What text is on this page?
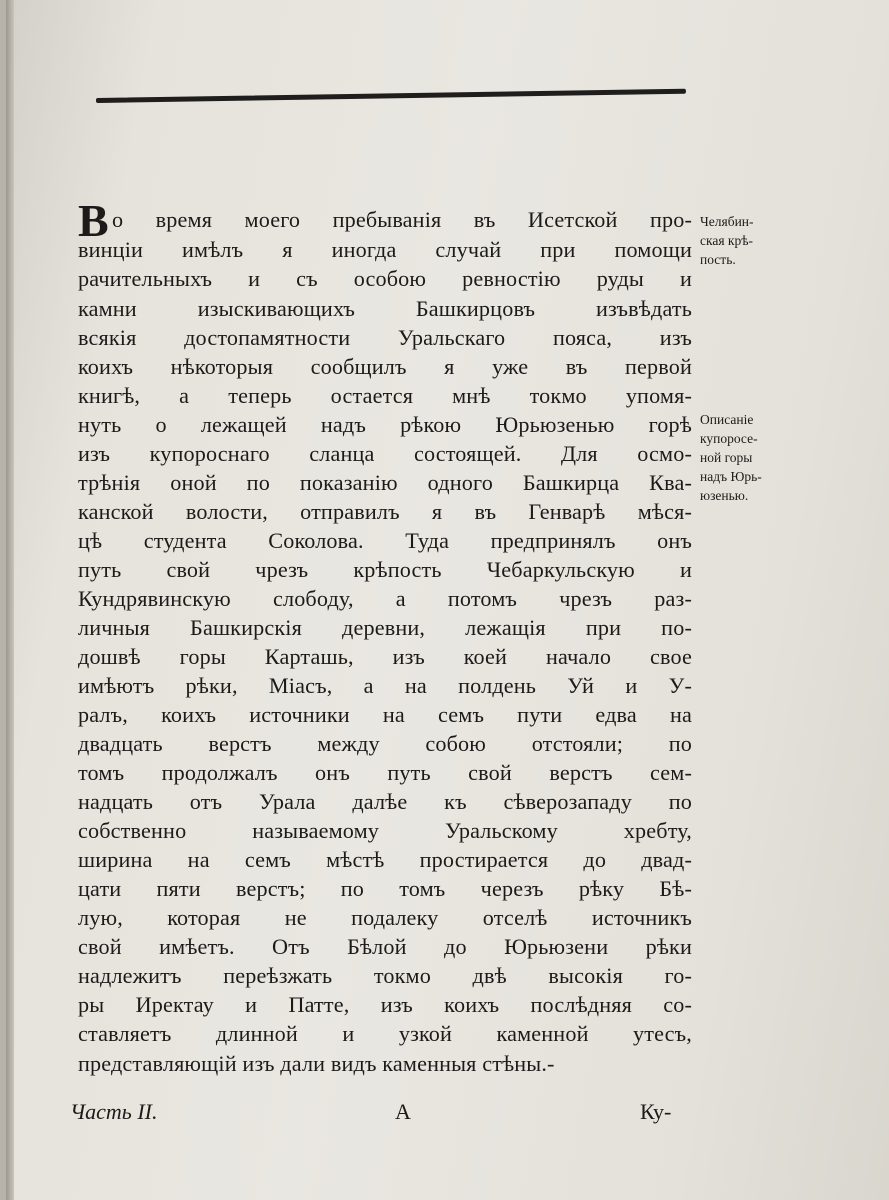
В о время моего пребыванія въ Исетской про-
винціи имѣлъ я иногда случай при помощи
рачительныхъ и съ особою ревностію руды и
камни изыскивающихъ Башкирцовъ изъвѣдать
всякія достопамятности Уральскаго пояса, изъ
коихъ нѣкоторыя сообщилъ я уже въ первой
книгѣ, а теперь остается мнѣ токмо упомя-
нуть о лежащей надъ рѣкою Юрьюзенью горѣ
изъ купороснаго сланца состоящей. Для осмо-
трѣнія оной по показанію одного Башкирца Ква-
канской волости, отправилъ я въ Генварѣ мѣся-
цѣ студента Соколова. Туда предпринялъ онъ
путь свой чрезъ крѣпость Чебаркульскую и
Кундрявинскую слободу, а потомъ чрезъ раз-
личныя Башкирскія деревни, лежащія при по-
дошвѣ горы Карташь, изъ коей начало свое
имѣютъ рѣки, Міасъ, а на полдень Уй и У-
ралъ, коихъ источники на семъ пути едва на
двадцать верстъ между собою отстояли; по
томъ продолжалъ онъ путь свой верстъ сем-
надцать отъ Урала далѣе къ сѣверозападу по
собственно называемому Уральскому хребту,
ширина на семъ мѣстѣ простирается до двад-
цати пяти верстъ; по томъ черезъ рѣку Бѣ-
лую, которая не подалеку отселѣ источникъ
свой имѣетъ. Отъ Бѣлой до Юрьюзени рѣки
надлежитъ переѣзжать токмо двѣ высокія го-
ры Иректау и Патте, изъ коихъ послѣдняя со-
ставляетъ длинной и узкой каменной утесъ,
представляющій изъ дали видъ каменныя стѣны.-
Челябин-
ская крѣ-
пость.
Описаніе
купоросе-
ной горы
надъ Юрь-
юзенью.
Часть II.	А	Ку-
